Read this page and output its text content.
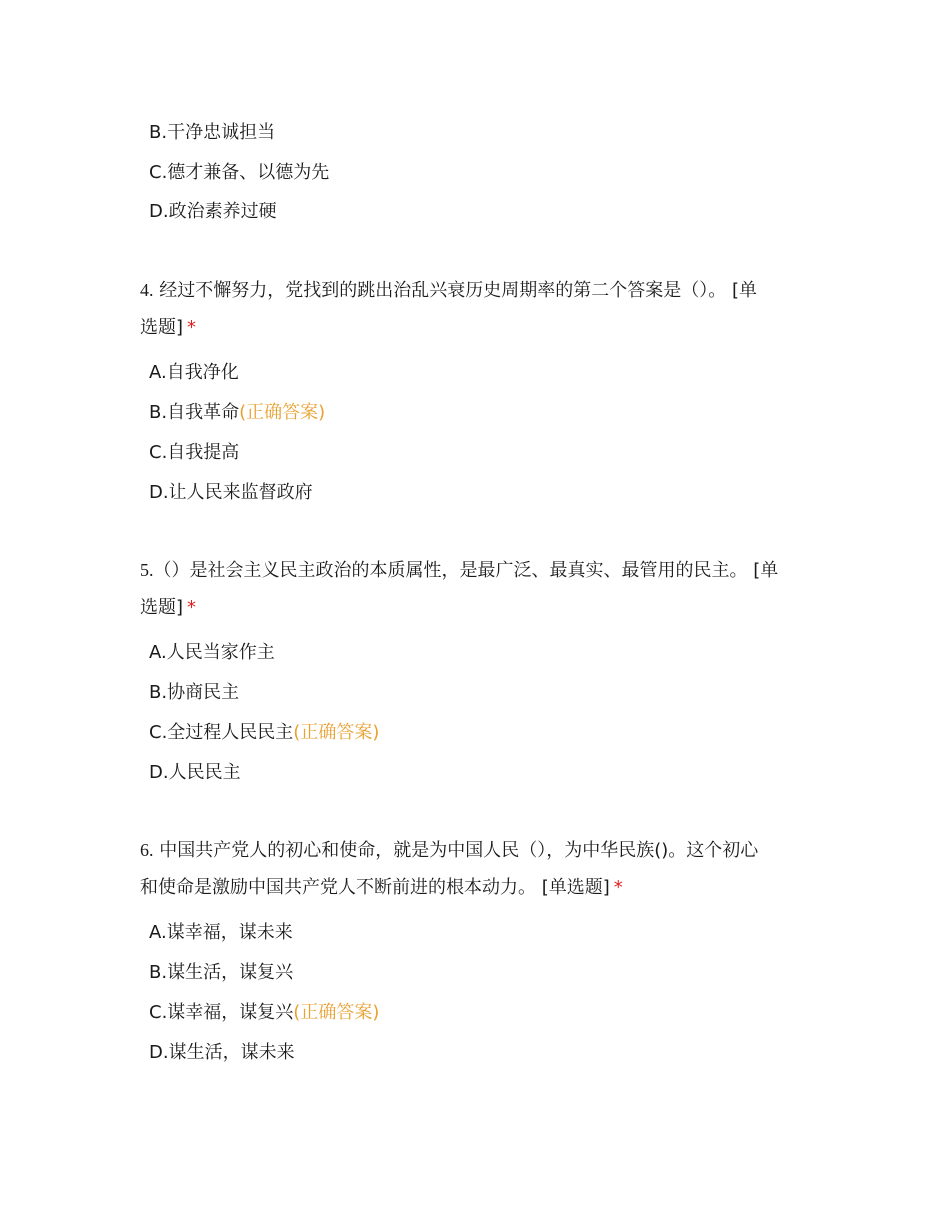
B.干净忠诚担当
C.德才兼备、以德为先
D.政治素养过硬
4. 经过不懈努力，党找到的跳出治乱兴衰历史周期率的第二个答案是（）。 [单
选题] *
A.自我净化
B.自我革命(正确答案)
C.自我提高
D.让人民来监督政府
5.（）是社会主义民主政治的本质属性，是最广泛、最真实、最管用的民主。 [单
选题] *
A.人民当家作主
B.协商民主
C.全过程人民民主(正确答案)
D.人民民主
6. 中国共产党人的初心和使命，就是为中国人民（），为中华民族()。这个初心
和使命是激励中国共产党人不断前进的根本动力。 [单选题] *
A.谋幸福，谋未来
B.谋生活，谋复兴
C.谋幸福，谋复兴(正确答案)
D.谋生活，谋未来
